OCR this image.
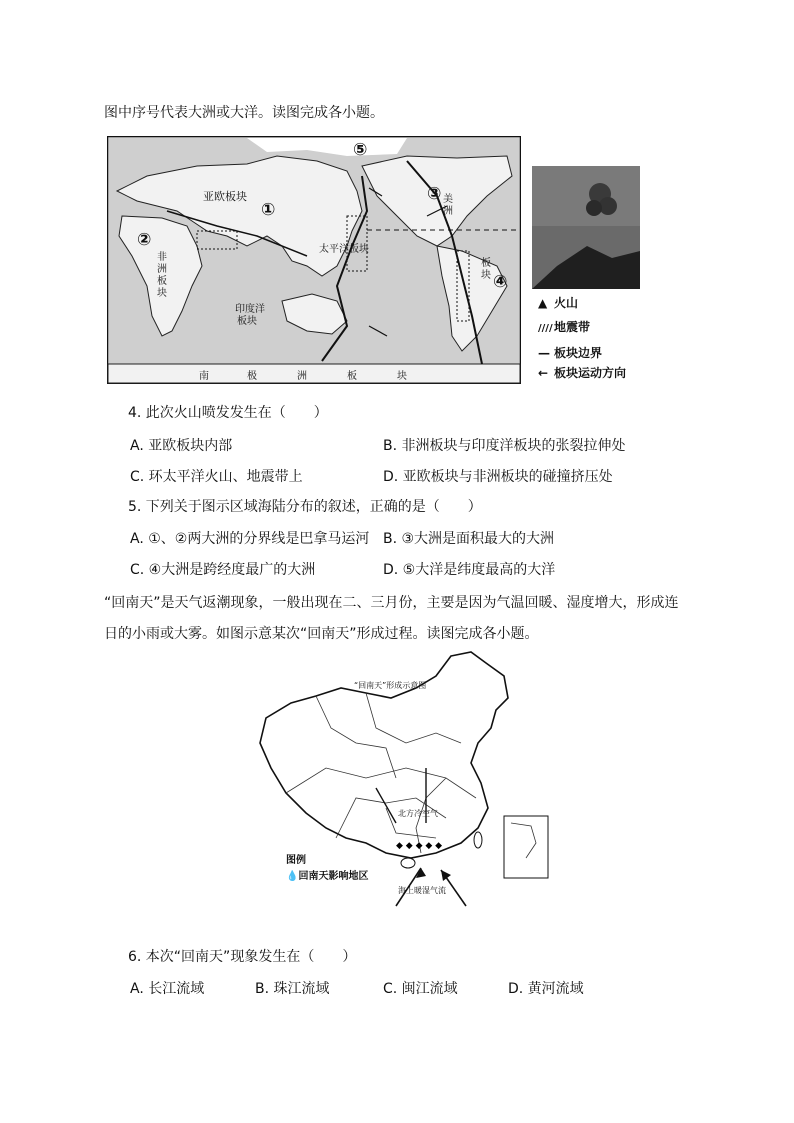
图中序号代表大洲或大洋。读图完成各小题。
亚欧板块
非
洲
板
块
太平洋板块
印度洋
板块
美
洲
板
块
南	极	洲	板	块
①
②
③
④
⑤
▲ 火山
////地震带
— 板块边界
← 板块运动方向
4. 此次火山喷发发生在（　　）
A. 亚欧板块内部	B. 非洲板块与印度洋板块的张裂拉伸处
C. 环太平洋火山、地震带上	D. 亚欧板块与非洲板块的碰撞挤压处
5. 下列关于图示区域海陆分布的叙述，正确的是（　　）
A. ①、②两大洲的分界线是巴拿马运河 B. ③大洲是面积最大的大洲
C. ④大洲是跨经度最广的大洲	D. ⑤大洋是纬度最高的大洋
“回南天”是天气返潮现象，一般出现在二、三月份，主要是因为气温回暖、湿度增大，形成连
日的小雨或大雾。如图示意某次“回南天”形成过程。读图完成各小题。
◆ ◆ ◆ ◆ ◆
“回南天”形成示意图
北方冷空气
海上暖湿气流
图例
💧回南天影响地区
6. 本次“回南天”现象发生在（　　）
A. 长江流域	B. 珠江流域	C. 闽江流域	D. 黄河流域
